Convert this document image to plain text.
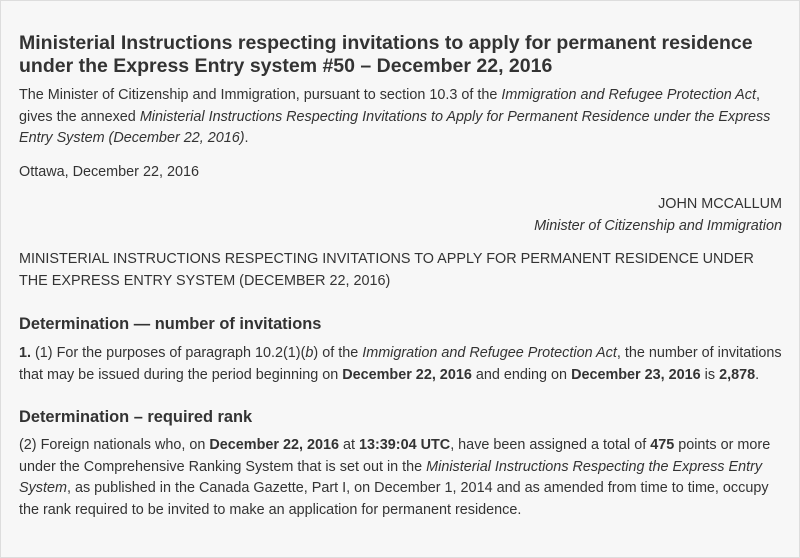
Ministerial Instructions respecting invitations to apply for permanent residence under the Express Entry system #50 – December 22, 2016

The Minister of Citizenship and Immigration, pursuant to section 10.3 of the Immigration and Refugee Protection Act, gives the annexed Ministerial Instructions Respecting Invitations to Apply for Permanent Residence under the Express Entry System (December 22, 2016).

Ottawa, December 22, 2016

JOHN MCCALLUM

Minister of Citizenship and Immigration

MINISTERIAL INSTRUCTIONS RESPECTING INVITATIONS TO APPLY FOR PERMANENT RESIDENCE UNDER THE EXPRESS ENTRY SYSTEM (DECEMBER 22, 2016)

Determination — number of invitations

1. (1) For the purposes of paragraph 10.2(1)(b) of the Immigration and Refugee Protection Act, the number of invitations that may be issued during the period beginning on December 22, 2016 and ending on December 23, 2016 is 2,878.

Determination – required rank

(2) Foreign nationals who, on December 22, 2016 at 13:39:04 UTC, have been assigned a total of 475 points or more under the Comprehensive Ranking System that is set out in the Ministerial Instructions Respecting the Express Entry System, as published in the Canada Gazette, Part I, on December 1, 2014 and as amended from time to time, occupy the rank required to be invited to make an application for permanent residence.
